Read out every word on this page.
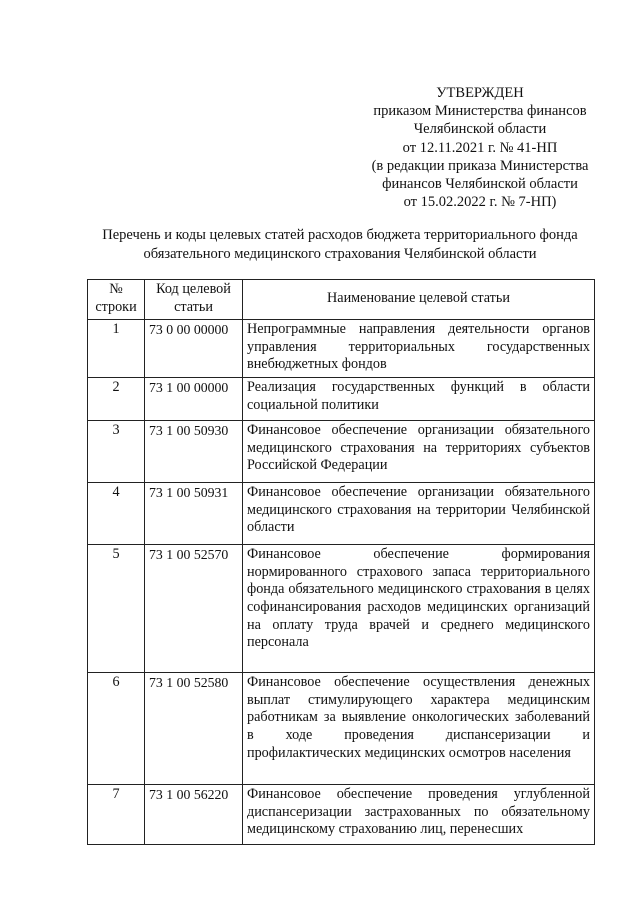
УТВЕРЖДЕН
приказом Министерства финансов
Челябинской области
от 12.11.2021 г. № 41-НП
(в редакции приказа Министерства
финансов Челябинской области
от 15.02.2022 г. № 7-НП)
Перечень и коды целевых статей расходов бюджета территориального фонда
обязательного медицинского страхования Челябинской области
№ строки	Код целевой статьи	Наименование целевой статьи
1	73 0 00 00000	Непрограммные направления деятельности органов управления территориальных государственных внебюджетных фондов
2	73 1 00 00000	Реализация государственных функций в области социальной политики
3	73 1 00 50930	Финансовое обеспечение организации обязательного медицинского страхования на территориях субъектов Российской Федерации
4	73 1 00 50931	Финансовое обеспечение организации обязательного медицинского страхования на территории Челябинской области
5	73 1 00 52570	Финансовое обеспечение формирования нормированного страхового запаса территориального фонда обязательного медицинского страхования в целях софинансирования расходов медицинских организаций на оплату труда врачей и среднего медицинского персонала
6	73 1 00 52580	Финансовое обеспечение осуществления денежных выплат стимулирующего характера медицинским работникам за выявление онкологических заболеваний в ходе проведения диспансеризации и профилактических медицинских осмотров населения
7	73 1 00 56220	Финансовое обеспечение проведения углубленной диспансеризации застрахованных по обязательному медицинскому страхованию лиц, перенесших
